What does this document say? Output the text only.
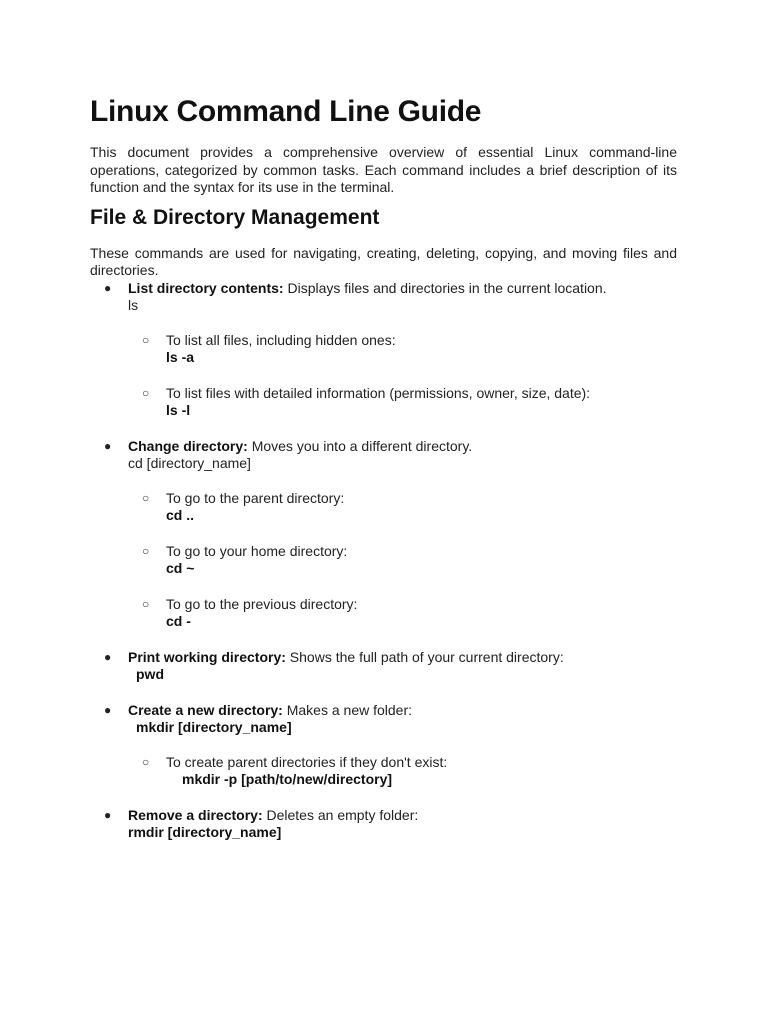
Linux Command Line Guide

This document provides a comprehensive overview of essential Linux command-line operations, categorized by common tasks. Each command includes a brief description of its function and the syntax for its use in the terminal.

File & Directory Management

These commands are used for navigating, creating, deleting, copying, and moving files and directories.

● List directory contents: Displays files and directories in the current location.
ls
○ To list all files, including hidden ones:
ls -a
○ To list files with detailed information (permissions, owner, size, date):
ls -l
● Change directory: Moves you into a different directory.
cd [directory_name]
○ To go to the parent directory:
cd ..
○ To go to your home directory:
cd ~
○ To go to the previous directory:
cd -
● Print working directory: Shows the full path of your current directory:
pwd
● Create a new directory: Makes a new folder:
mkdir [directory_name]
○ To create parent directories if they don't exist:
mkdir -p [path/to/new/directory]
● Remove a directory: Deletes an empty folder:
rmdir [directory_name]
